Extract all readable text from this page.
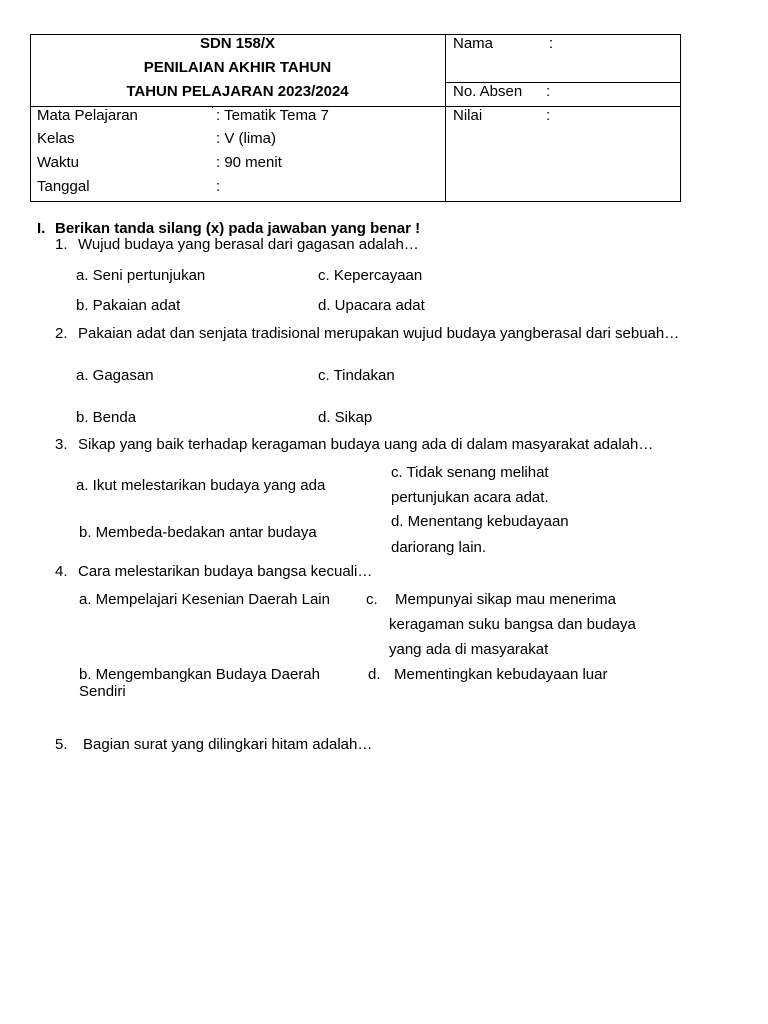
SDN 158/X
PENILAIAN AKHIR TAHUN
TAHUN PELAJARAN 2023/2024
Nama	:
No. Absen :
Nilai	:
Mata Pelajaran	: Tematik Tema 7
Kelas	: V (lima)
Waktu	: 90 menit
Tanggal	:
I. Berikan tanda silang (x) pada jawaban yang benar !
1. Wujud budaya yang berasal dari gagasan adalah…
a. Seni pertunjukan	c. Kepercayaan
b. Pakaian adat	d. Upacara adat
2. Pakaian adat dan senjata tradisional merupakan wujud budaya yangberasal dari sebuah…
a. Gagasan	c. Tindakan
b. Benda	d. Sikap
3. Sikap yang baik terhadap keragaman budaya uang ada di dalam masyarakat adalah…
a. Ikut melestarikan budaya yang ada
c. Tidak senang melihat
pertunjukan acara adat.
b. Membeda-bedakan antar budaya
d. Menentang kebudayaan
dariorang lain.
4. Cara melestarikan budaya bangsa kecuali…
a. Mempelajari Kesenian Daerah Lain c. Mempunyai sikap mau menerima
keragaman suku bangsa dan budaya
yang ada di masyarakat
b. Mengembangkan Budaya Daerah
Sendiri
d. Mementingkan kebudayaan luar
5. Bagian surat yang dilingkari hitam adalah…
